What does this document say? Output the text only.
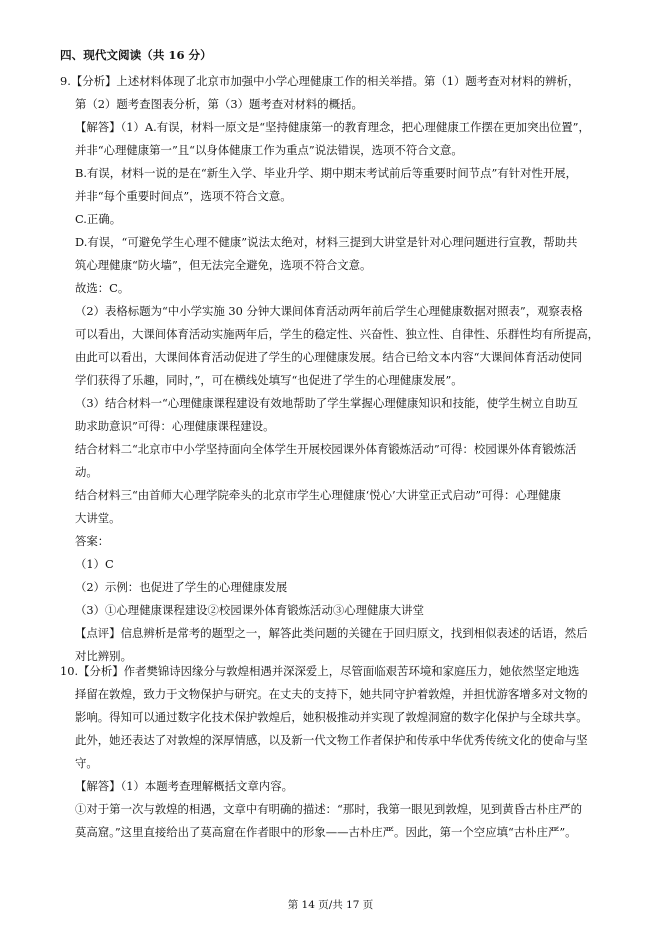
四、现代文阅读（共 16 分）
9.【分析】上述材料体现了北京市加强中小学心理健康工作的相关举措。第（1）题考查对材料的辨析，
第（2）题考查图表分析，第（3）题考查对材料的概括。
【解答】（1）A.有误，材料一原文是“坚持健康第一的教育理念，把心理健康工作摆在更加突出位置”，
并非“心理健康第一”且“以身体健康工作为重点”说法错误，选项不符合文意。
B.有误，材料一说的是在“新生入学、毕业升学、期中期末考试前后等重要时间节点”有针对性开展，
并非“每个重要时间点”，选项不符合文意。
C.正确。
D.有误，“可避免学生心理不健康”说法太绝对，材料三提到大讲堂是针对心理问题进行宣教，帮助共
筑心理健康“防火墙”，但无法完全避免，选项不符合文意。
故选：C。
（2）表格标题为“中小学实施 30 分钟大课间体育活动两年前后学生心理健康数据对照表”，观察表格
可以看出，大课间体育活动实施两年后，学生的稳定性、兴奋性、独立性、自律性、乐群性均有所提高，
由此可以看出，大课间体育活动促进了学生的心理健康发展。结合已给文本内容“大课间体育活动使同
学们获得了乐趣，同时，”，可在横线处填写“也促进了学生的心理健康发展”。
（3）结合材料一“心理健康课程建设有效地帮助了学生掌握心理健康知识和技能，使学生树立自助互
助求助意识”可得：心理健康课程建设。
结合材料二“北京市中小学坚持面向全体学生开展校园课外体育锻炼活动”可得：校园课外体育锻炼活
动。
结合材料三“由首师大心理学院牵头的北京市学生心理健康‘悦心’大讲堂正式启动”可得：心理健康
大讲堂。
答案：
（1）C
（2）示例：也促进了学生的心理健康发展
（3）①心理健康课程建设②校园课外体育锻炼活动③心理健康大讲堂
【点评】信息辨析是常考的题型之一，解答此类问题的关键在于回归原文，找到相似表述的话语，然后
对比辨别。
10.【分析】作者樊锦诗因缘分与敦煌相遇并深深爱上，尽管面临艰苦环境和家庭压力，她依然坚定地选
择留在敦煌，致力于文物保护与研究。在丈夫的支持下，她共同守护着敦煌，并担忧游客增多对文物的
影响。得知可以通过数字化技术保护敦煌后，她积极推动并实现了敦煌洞窟的数字化保护与全球共享。
此外，她还表达了对敦煌的深厚情感，以及新一代文物工作者保护和传承中华优秀传统文化的使命与坚
守。
【解答】（1）本题考查理解概括文章内容。
①对于第一次与敦煌的相遇，文章中有明确的描述：“那时，我第一眼见到敦煌，见到黄昏古朴庄严的
莫高窟。”这里直接给出了莫高窟在作者眼中的形象——古朴庄严。因此，第一个空应填“古朴庄严”。
第 14 页/共 17 页
